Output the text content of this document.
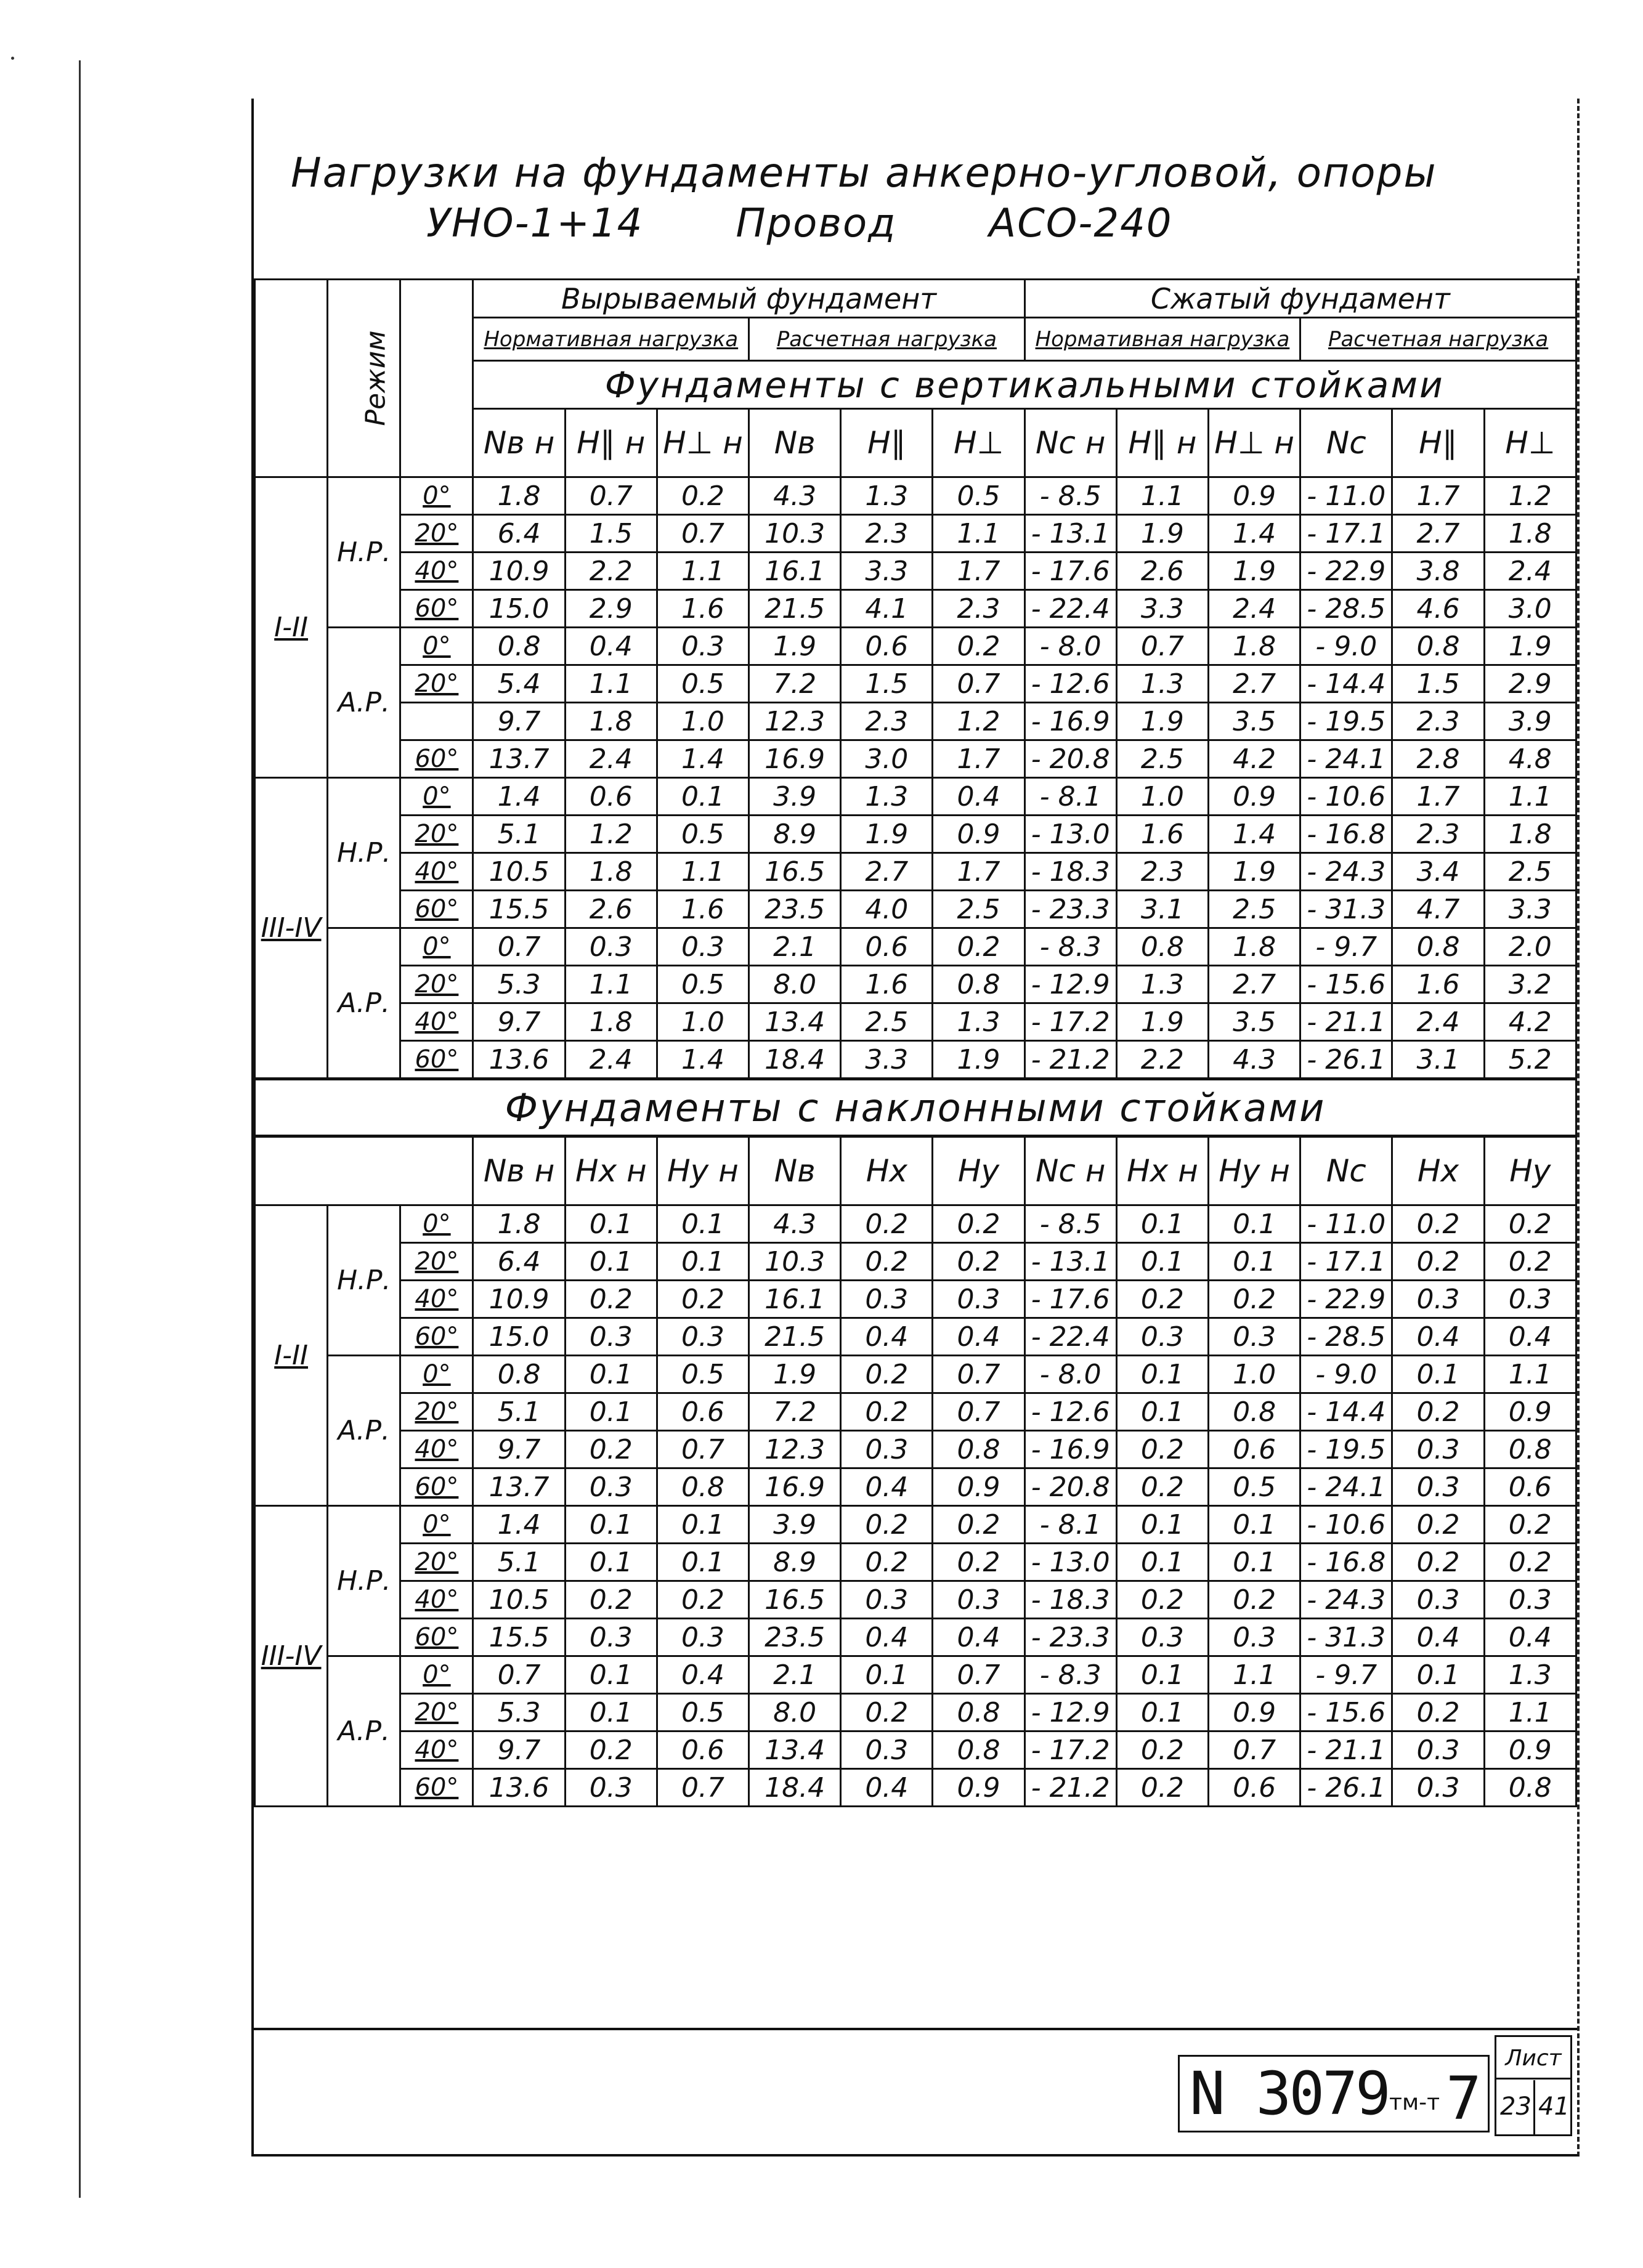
Нагрузки на фундаменты анкерно-угловой, опоры
УНО-1+14 Провод АСО-240
	Режим		Вырываемый фундамент						Сжатый фундамент					
			Нормативная нагрузка			Расчетная нагрузка			Нормативная нагрузка			Расчетная нагрузка		
			Фундаменты с вертикальными стойками											
			Nв н	Н∥ н	Н⊥ н	Nв	Н∥	Н⊥	Nс н	Н∥ н	Н⊥ н	Nс	Н∥	Н⊥
I-II	Н.Р.	0°	1.8	0.7	0.2	4.3	1.3	0.5	- 8.5	1.1	0.9	- 11.0	1.7	1.2
		20°	6.4	1.5	0.7	10.3	2.3	1.1	- 13.1	1.9	1.4	- 17.1	2.7	1.8
		40°	10.9	2.2	1.1	16.1	3.3	1.7	- 17.6	2.6	1.9	- 22.9	3.8	2.4
		60°	15.0	2.9	1.6	21.5	4.1	2.3	- 22.4	3.3	2.4	- 28.5	4.6	3.0
	А.Р.	0°	0.8	0.4	0.3	1.9	0.6	0.2	- 8.0	0.7	1.8	- 9.0	0.8	1.9
		20°	5.4	1.1	0.5	7.2	1.5	0.7	- 12.6	1.3	2.7	- 14.4	1.5	2.9
			9.7	1.8	1.0	12.3	2.3	1.2	- 16.9	1.9	3.5	- 19.5	2.3	3.9
		60°	13.7	2.4	1.4	16.9	3.0	1.7	- 20.8	2.5	4.2	- 24.1	2.8	4.8
III-IV	Н.Р.	0°	1.4	0.6	0.1	3.9	1.3	0.4	- 8.1	1.0	0.9	- 10.6	1.7	1.1
		20°	5.1	1.2	0.5	8.9	1.9	0.9	- 13.0	1.6	1.4	- 16.8	2.3	1.8
		40°	10.5	1.8	1.1	16.5	2.7	1.7	- 18.3	2.3	1.9	- 24.3	3.4	2.5
		60°	15.5	2.6	1.6	23.5	4.0	2.5	- 23.3	3.1	2.5	- 31.3	4.7	3.3
	А.Р.	0°	0.7	0.3	0.3	2.1	0.6	0.2	- 8.3	0.8	1.8	- 9.7	0.8	2.0
		20°	5.3	1.1	0.5	8.0	1.6	0.8	- 12.9	1.3	2.7	- 15.6	1.6	3.2
		40°	9.7	1.8	1.0	13.4	2.5	1.3	- 17.2	1.9	3.5	- 21.1	2.4	4.2
		60°	13.6	2.4	1.4	18.4	3.3	1.9	- 21.2	2.2	4.3	- 26.1	3.1	5.2
Фундаменты с наклонными стойками														
			Nв н	Нx н	Нy н	Nв	Нx	Нy	Nс н	Нx н	Нy н	Nс	Нx	Нy
I-II	Н.Р.	0°	1.8	0.1	0.1	4.3	0.2	0.2	- 8.5	0.1	0.1	- 11.0	0.2	0.2
		20°	6.4	0.1	0.1	10.3	0.2	0.2	- 13.1	0.1	0.1	- 17.1	0.2	0.2
		40°	10.9	0.2	0.2	16.1	0.3	0.3	- 17.6	0.2	0.2	- 22.9	0.3	0.3
		60°	15.0	0.3	0.3	21.5	0.4	0.4	- 22.4	0.3	0.3	- 28.5	0.4	0.4
	А.Р.	0°	0.8	0.1	0.5	1.9	0.2	0.7	- 8.0	0.1	1.0	- 9.0	0.1	1.1
		20°	5.1	0.1	0.6	7.2	0.2	0.7	- 12.6	0.1	0.8	- 14.4	0.2	0.9
		40°	9.7	0.2	0.7	12.3	0.3	0.8	- 16.9	0.2	0.6	- 19.5	0.3	0.8
		60°	13.7	0.3	0.8	16.9	0.4	0.9	- 20.8	0.2	0.5	- 24.1	0.3	0.6
III-IV	Н.Р.	0°	1.4	0.1	0.1	3.9	0.2	0.2	- 8.1	0.1	0.1	- 10.6	0.2	0.2
		20°	5.1	0.1	0.1	8.9	0.2	0.2	- 13.0	0.1	0.1	- 16.8	0.2	0.2
		40°	10.5	0.2	0.2	16.5	0.3	0.3	- 18.3	0.2	0.2	- 24.3	0.3	0.3
		60°	15.5	0.3	0.3	23.5	0.4	0.4	- 23.3	0.3	0.3	- 31.3	0.4	0.4
	А.Р.	0°	0.7	0.1	0.4	2.1	0.1	0.7	- 8.3	0.1	1.1	- 9.7	0.1	1.3
		20°	5.3	0.1	0.5	8.0	0.2	0.8	- 12.9	0.1	0.9	- 15.6	0.2	1.1
		40°	9.7	0.2	0.6	13.4	0.3	0.8	- 17.2	0.2	0.7	- 21.1	0.3	0.9
		60°	13.6	0.3	0.7	18.4	0.4	0.9	- 21.2	0.2	0.6	- 26.1	0.3	0.8
N 3079 тм-т 7
Лист
23 41
